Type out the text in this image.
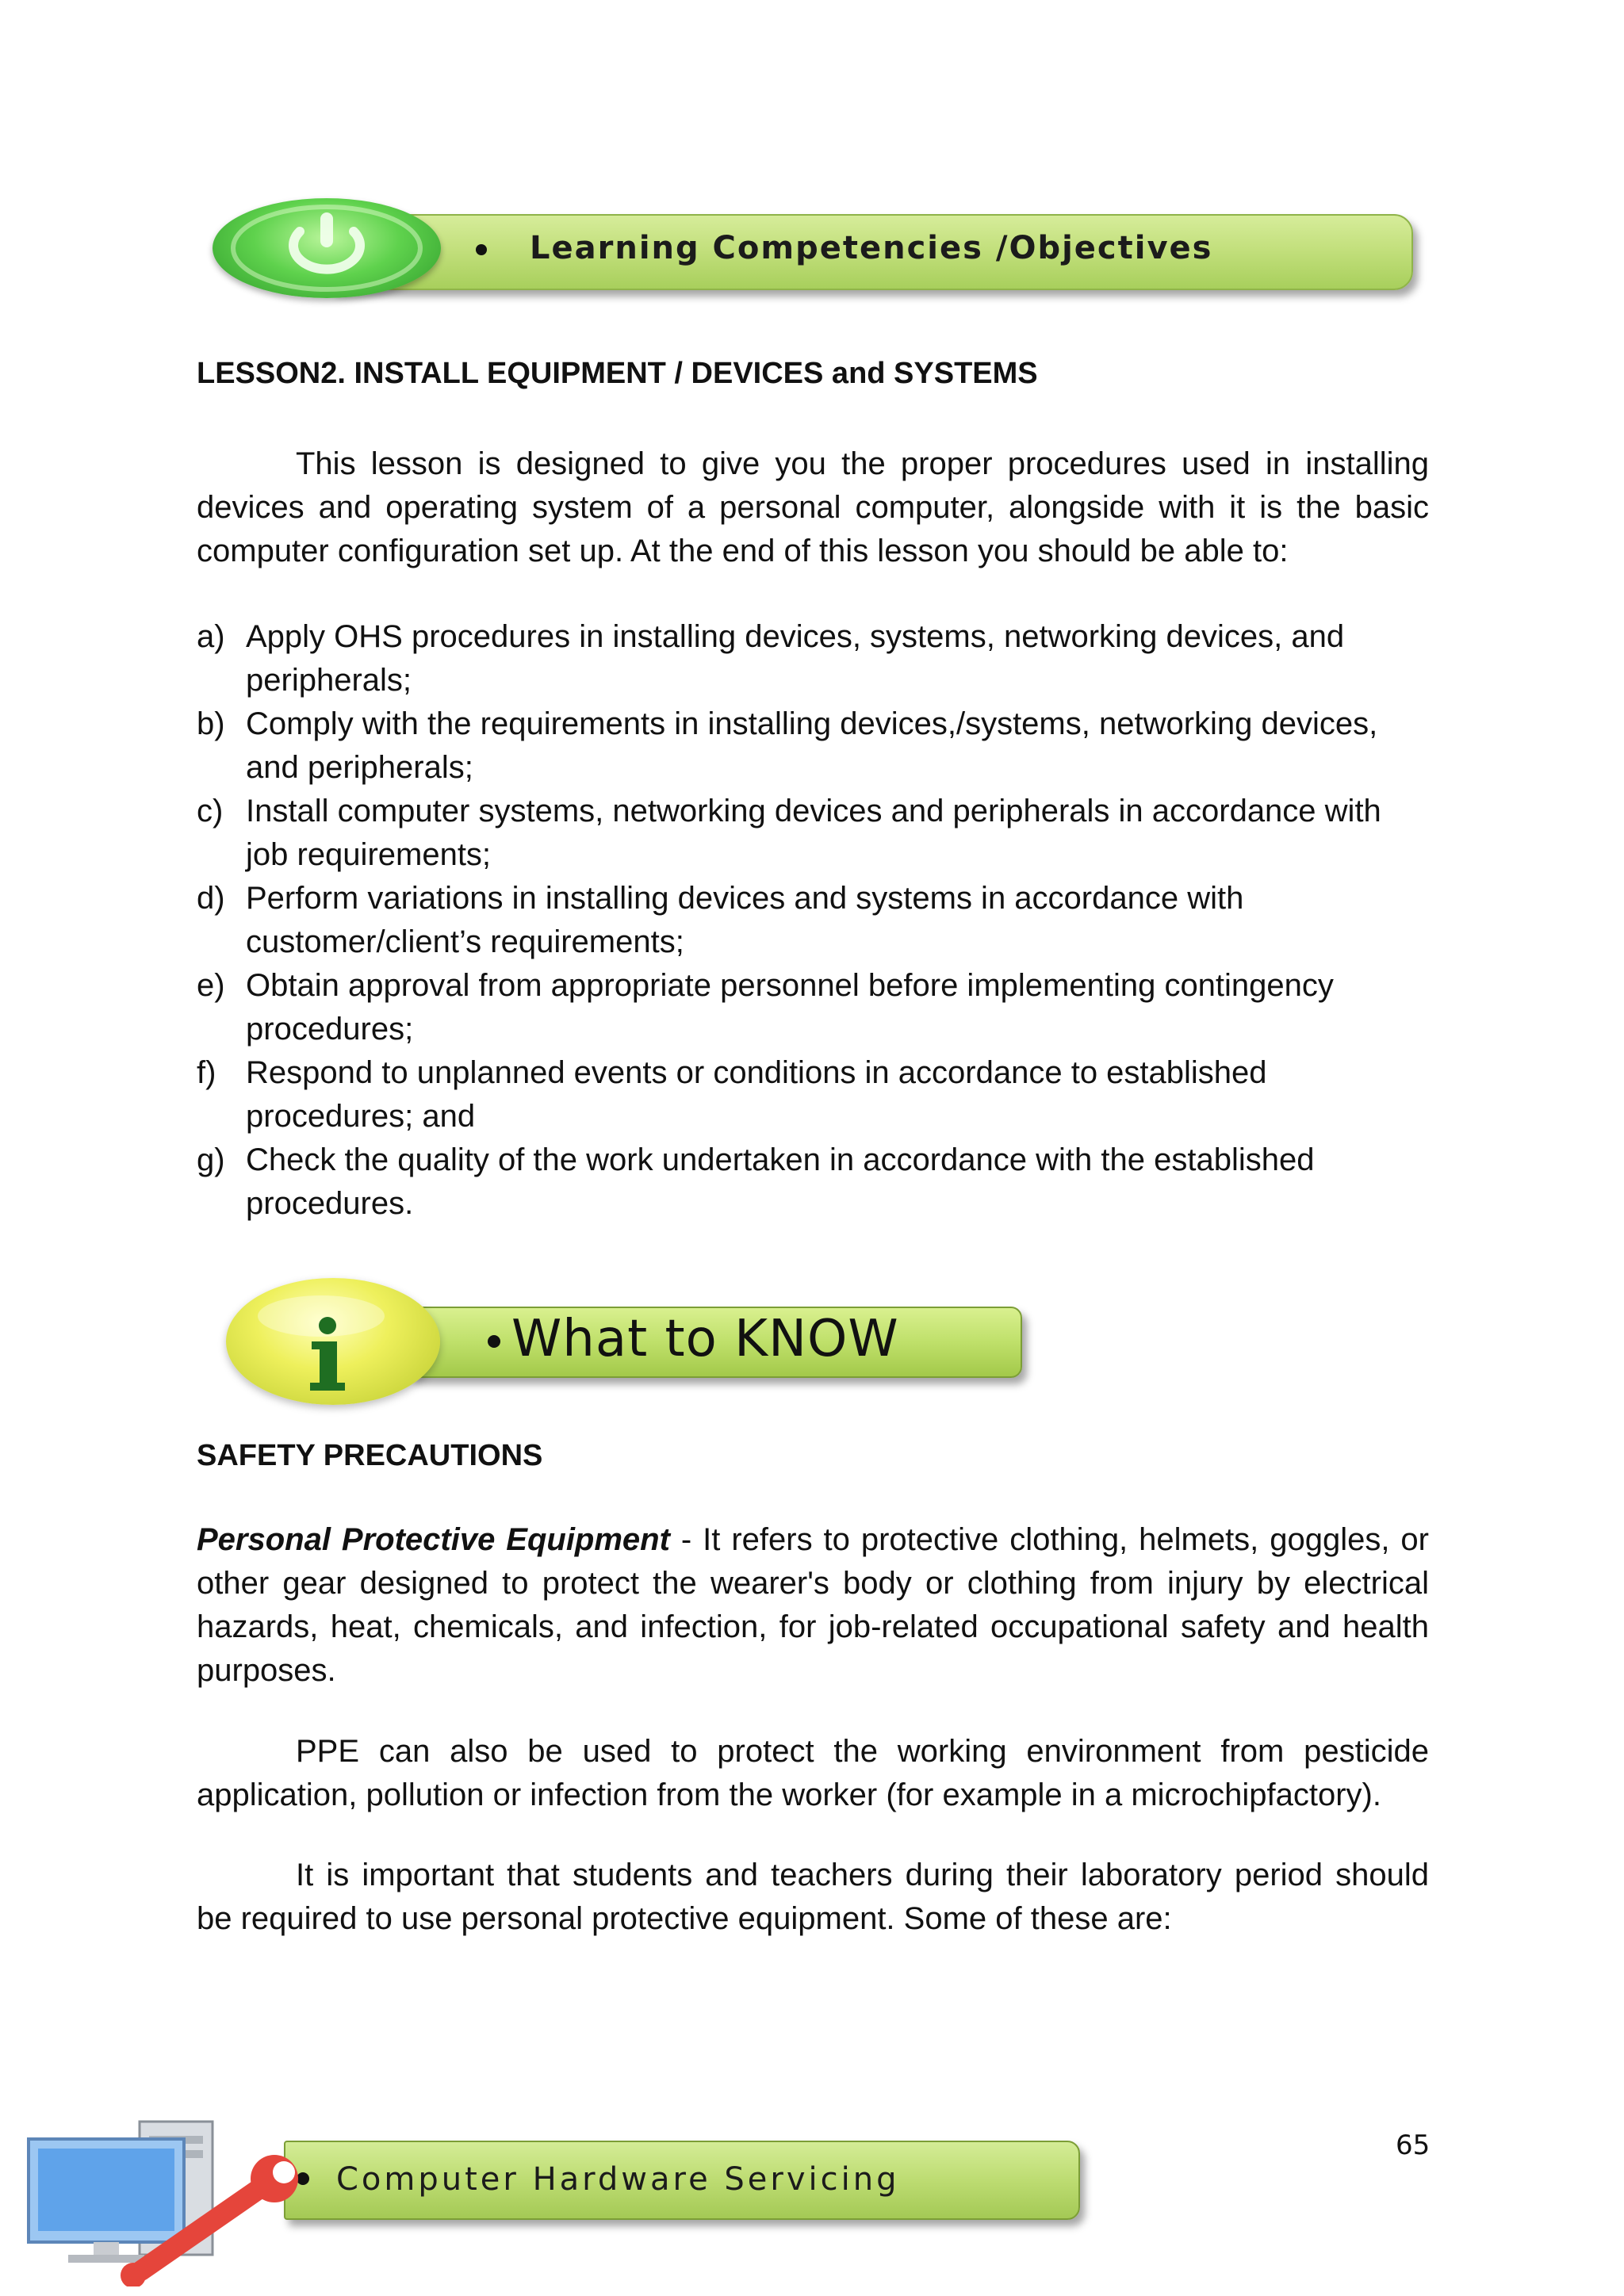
Learning Competencies /Objectives
LESSON2. INSTALL EQUIPMENT / DEVICES and SYSTEMS

This lesson is designed to give you the proper procedures used in installing devices and operating system of a personal computer, alongside with it is the basic computer configuration set up. At the end of this lesson you should be able to:

a) Apply OHS procedures in installing devices, systems, networking devices, and
peripherals;
b) Comply with the requirements in installing devices,/systems, networking devices,
and peripherals;
c) Install computer systems, networking devices and peripherals in accordance with
job requirements;
d) Perform variations in installing devices and systems in accordance with
customer/client’s requirements;
e) Obtain approval from appropriate personnel before implementing contingency
procedures;
f) Respond to unplanned events or conditions in accordance to established
procedures; and
g) Check the quality of the work undertaken in accordance with the established
procedures.
What to KNOW
SAFETY PRECAUTIONS

Personal Protective Equipment - It refers to protective clothing, helmets, goggles, or other gear designed to protect the wearer's body or clothing from injury by electrical hazards, heat, chemicals, and infection, for job-related occupational safety and health purposes.

PPE can also be used to protect the working environment from pesticide application, pollution or infection from the worker (for example in a microchipfactory).

It is important that students and teachers during their laboratory period should be required to use personal protective equipment. Some of these are:

65
Computer Hardware Servicing
